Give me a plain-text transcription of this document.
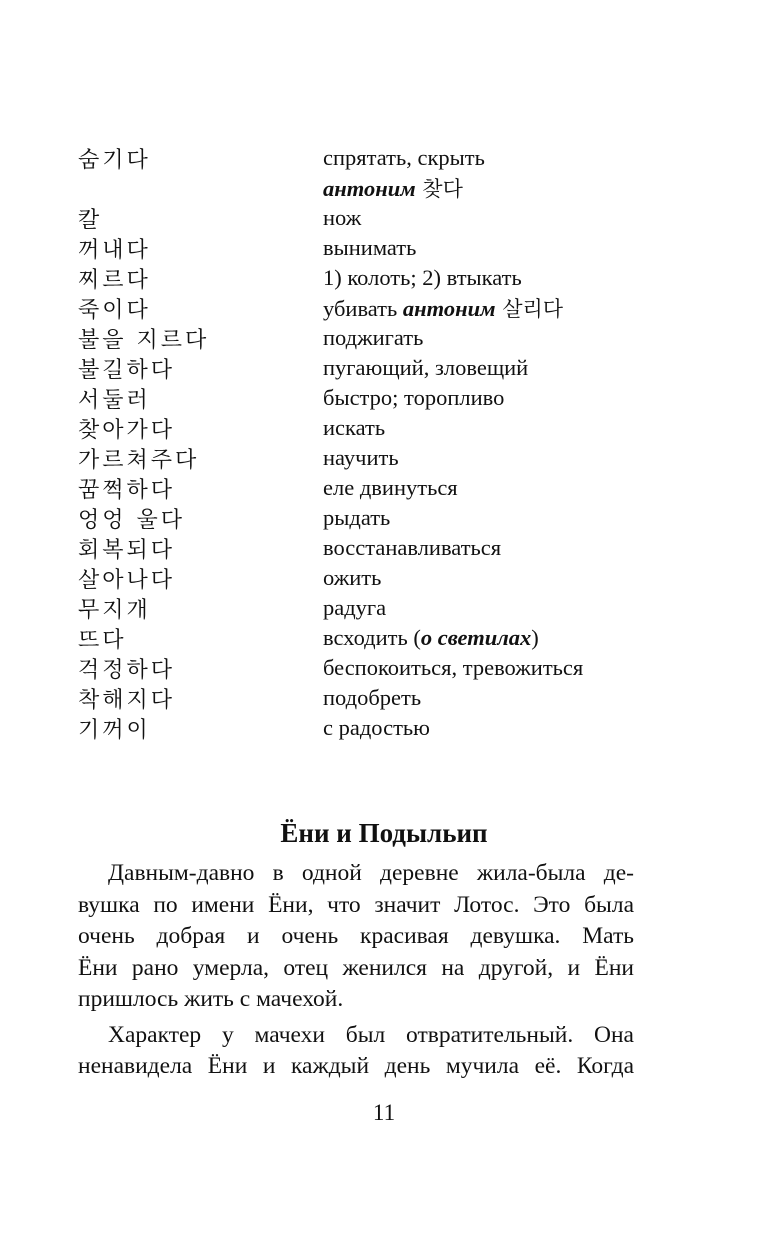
숨기다	спрятать, скрыть
антоним 찾다
칼	нож
꺼내다	вынимать
찌르다	1) колоть; 2) втыкать
죽이다	убивать антоним 살리다
불을 지르다	поджигать
불길하다	пугающий, зловещий
서둘러	быстро; торопливо
찾아가다	искать
가르쳐주다	научить
꿈쩍하다	еле двинуться
엉엉 울다	рыдать
회복되다	восстанавливаться
살아나다	ожить
무지개	радуга
뜨다	всходить (о светилах)
걱정하다	беспокоиться, тревожиться
착해지다	подобреть
기꺼이	с радостью
Ёни и Подыльип
Давным-давно в одной деревне жила-была де-
вушка по имени Ёни, что значит Лотос. Это была
очень добрая и очень красивая девушка. Мать
Ёни рано умерла, отец женился на другой, и Ёни
пришлось жить с мачехой.
Характер у мачехи был отвратительный. Она
ненавидела Ёни и каждый день мучила её. Когда
11
